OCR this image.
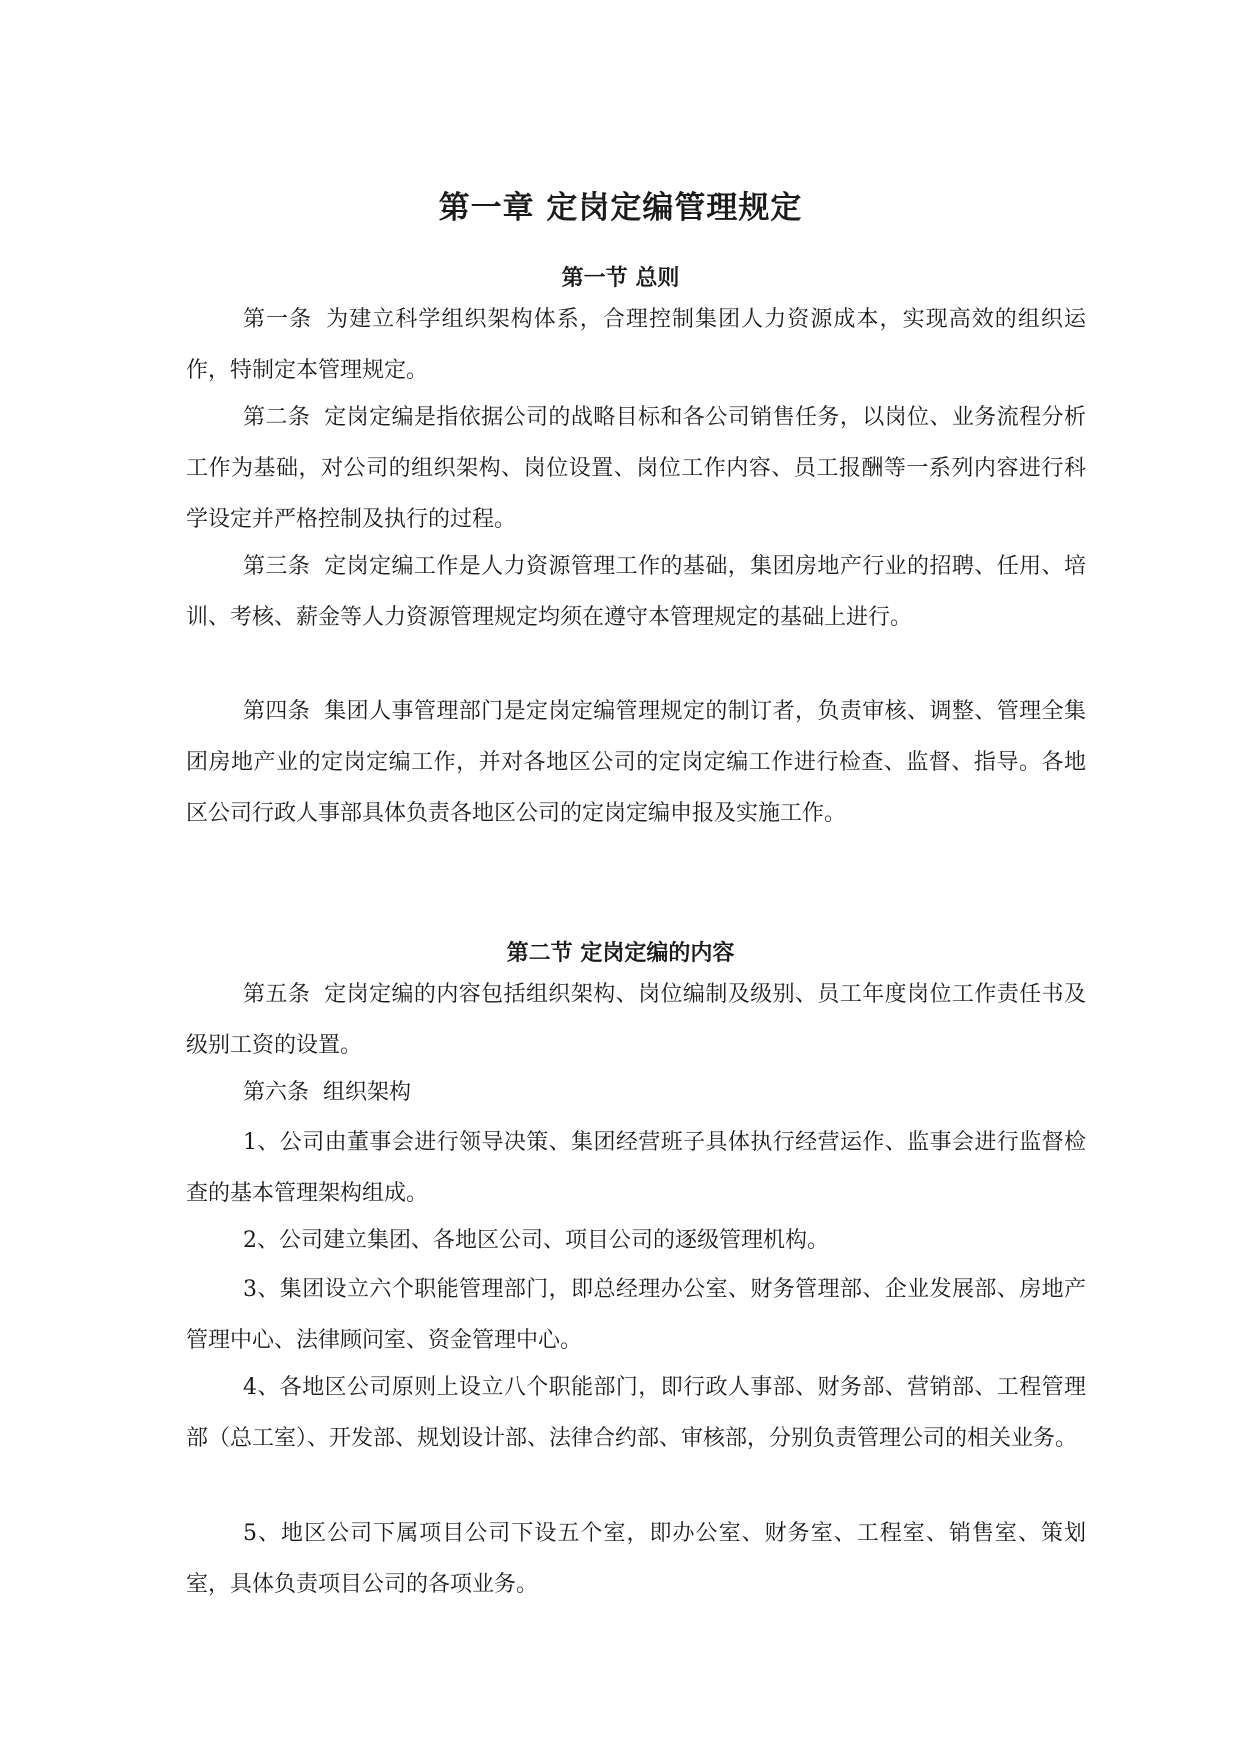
第一章 定岗定编管理规定
第一节 总则

第一条 为建立科学组织架构体系，合理控制集团人力资源成本，实现高效的组织运作，特制定本管理规定。

第二条 定岗定编是指依据公司的战略目标和各公司销售任务，以岗位、业务流程分析工作为基础，对公司的组织架构、岗位设置、岗位工作内容、员工报酬等一系列内容进行科学设定并严格控制及执行的过程。

第三条 定岗定编工作是人力资源管理工作的基础，集团房地产行业的招聘、任用、培训、考核、薪金等人力资源管理规定均须在遵守本管理规定的基础上进行。

第四条 集团人事管理部门是定岗定编管理规定的制订者，负责审核、调整、管理全集团房地产业的定岗定编工作，并对各地区公司的定岗定编工作进行检查、监督、指导。各地区公司行政人事部具体负责各地区公司的定岗定编申报及实施工作。

第二节 定岗定编的内容

第五条 定岗定编的内容包括组织架构、岗位编制及级别、员工年度岗位工作责任书及级别工资的设置。

第六条 组织架构

1、公司由董事会进行领导决策、集团经营班子具体执行经营运作、监事会进行监督检查的基本管理架构组成。

2、公司建立集团、各地区公司、项目公司的逐级管理机构。

3、集团设立六个职能管理部门，即总经理办公室、财务管理部、企业发展部、房地产管理中心、法律顾问室、资金管理中心。

4、各地区公司原则上设立八个职能部门，即行政人事部、财务部、营销部、工程管理部（总工室）、开发部、规划设计部、法律合约部、审核部，分别负责管理公司的相关业务。

5、地区公司下属项目公司下设五个室，即办公室、财务室、工程室、销售室、策划室，具体负责项目公司的各项业务。
